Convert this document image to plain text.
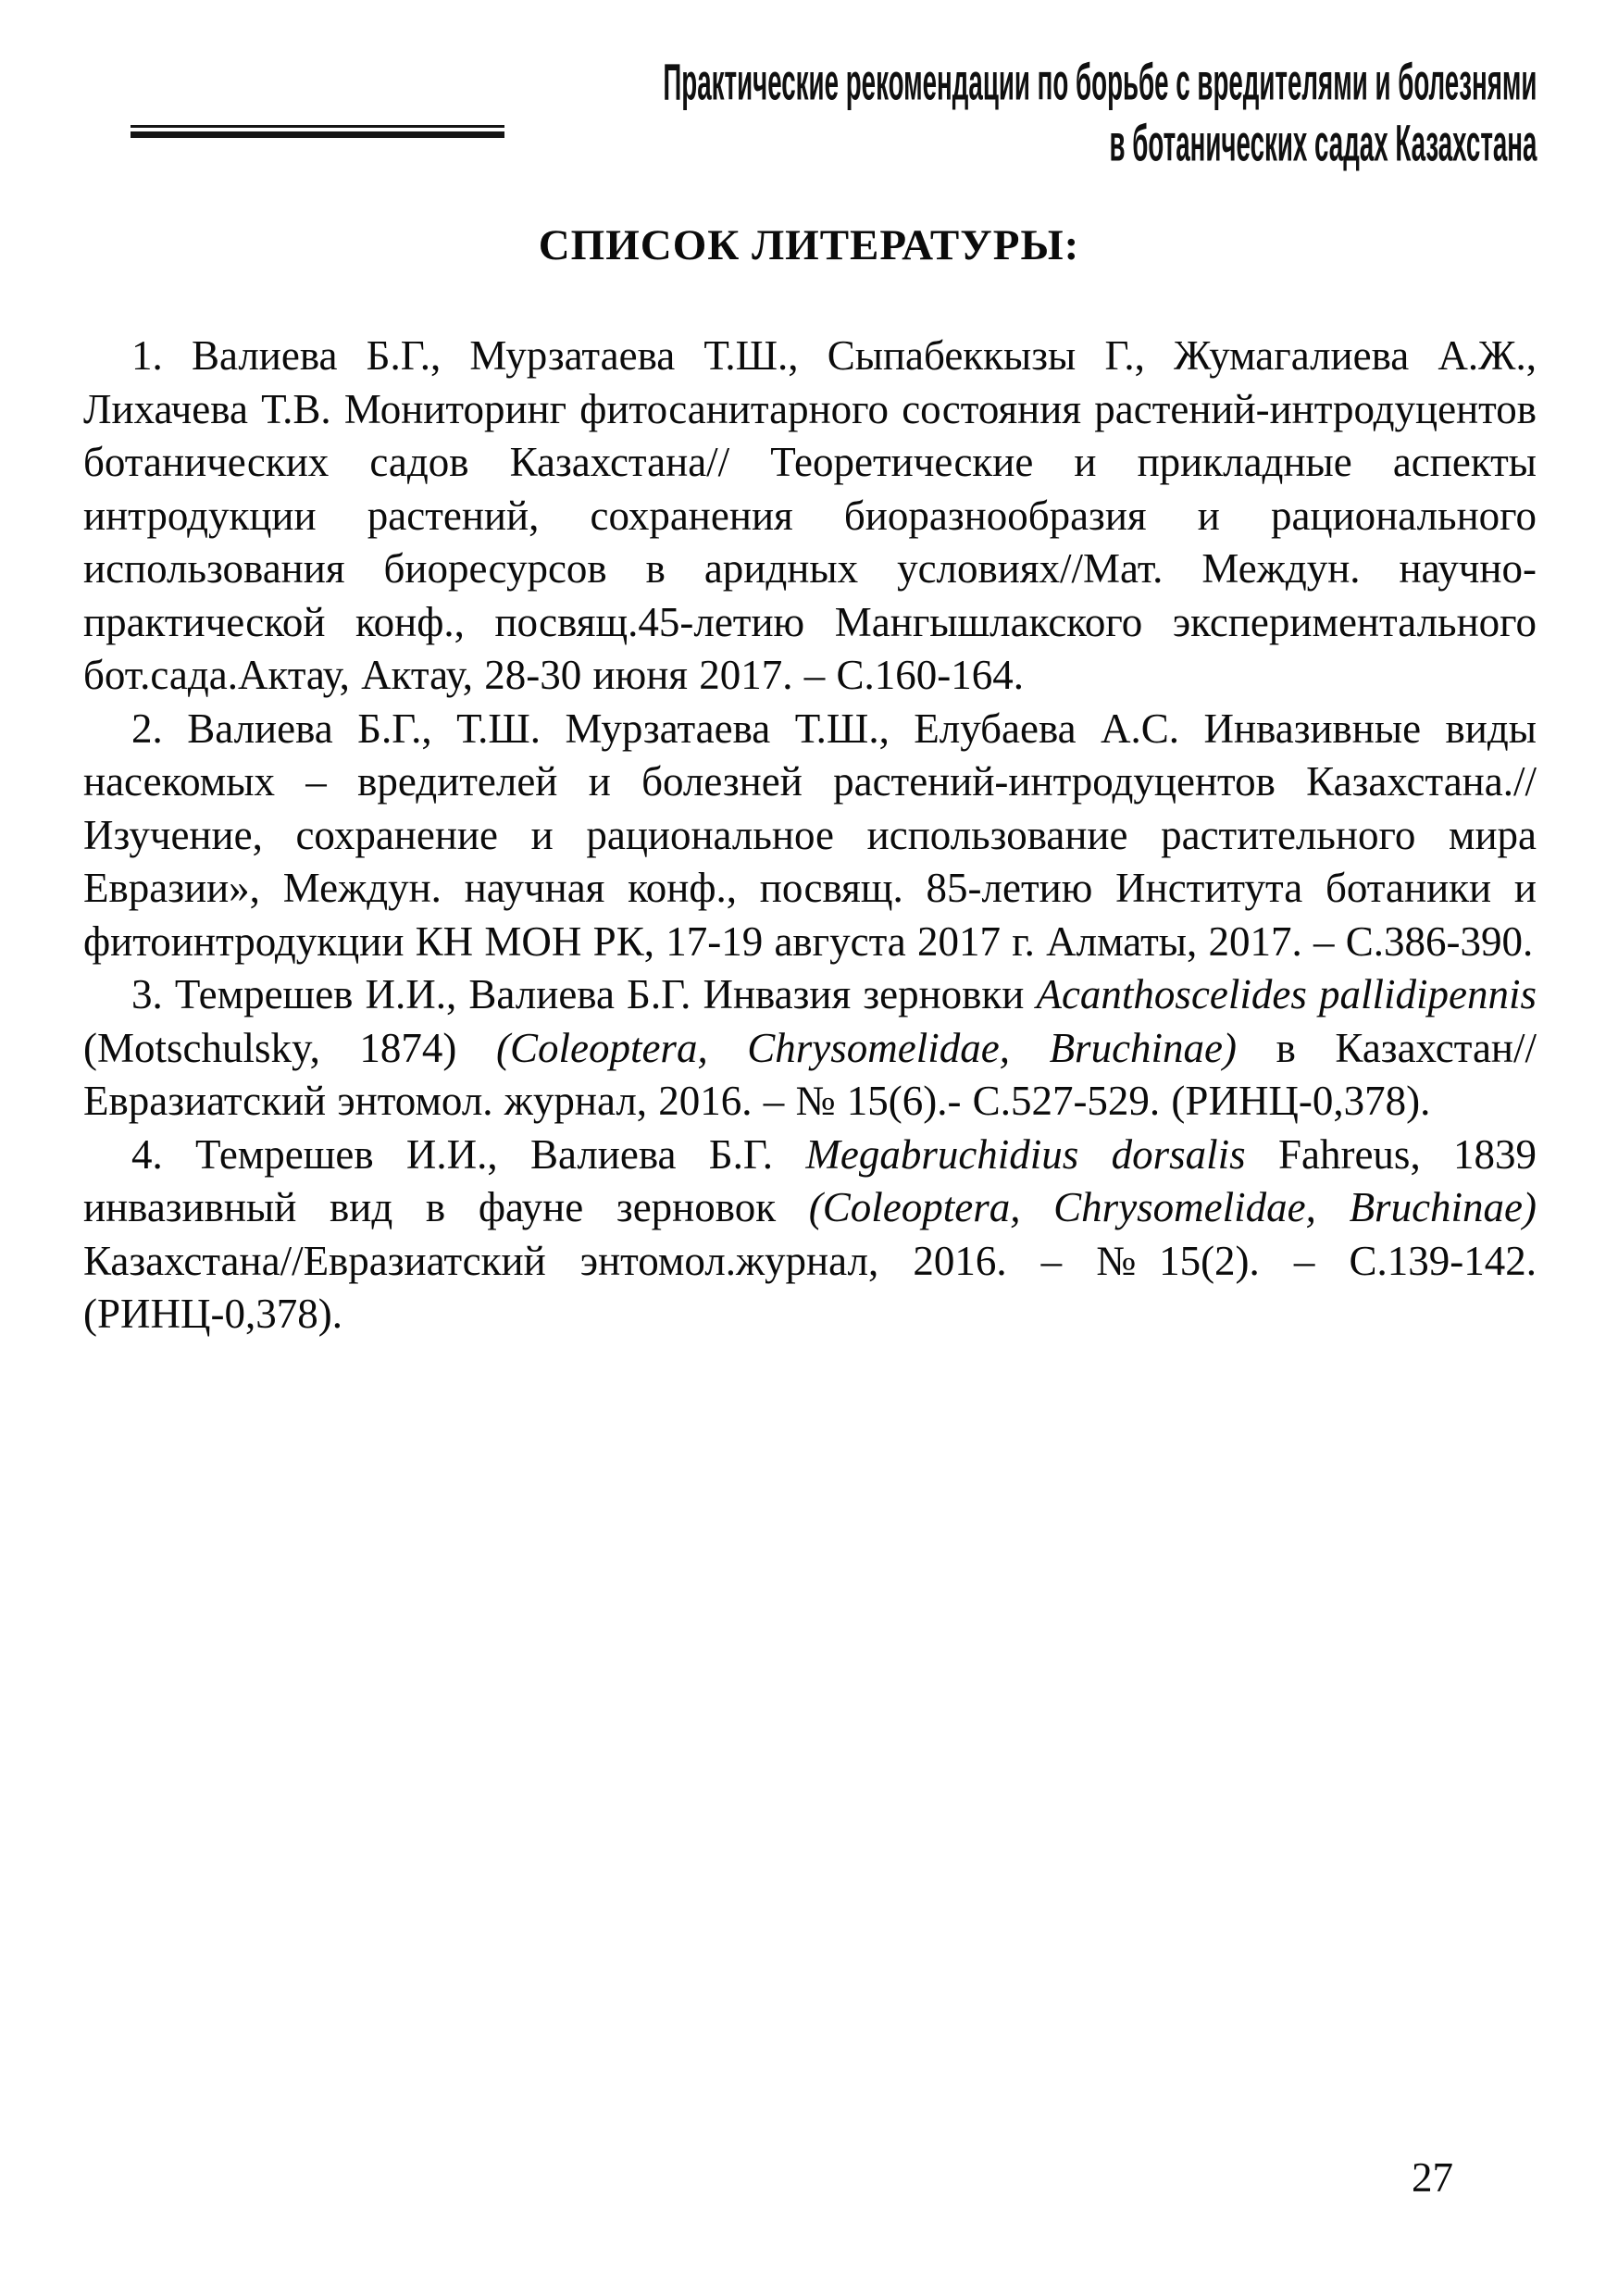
Практические рекомендации по борьбе с вредителями и болезнями
в ботанических садах Казахстана
СПИСОК ЛИТЕРАТУРЫ:

1. Валиева Б.Г., Мурзатаева Т.Ш., Сыпабеккызы Г., Жумагалиева А.Ж., Лихачева Т.В. Мониторинг фитосанитарного состояния растений-интродуцентов ботанических садов Казахстана// Теоретические и прикладные аспекты интродукции растений, сохранения биоразнообразия и рационального использования биоресурсов в аридных условиях//Мат. Междун. научно-практической конф., посвящ.45-летию Мангышлакского экспериментального бот.сада.Актау, Актау, 28-30 июня 2017. – С.160-164.

2. Валиева Б.Г., Т.Ш. Мурзатаева Т.Ш., Елубаева А.С. Инвазивные виды насекомых – вредителей и болезней растений-интродуцентов Казахстана.// Изучение, сохранение и рациональное использование растительного мира Евразии», Междун. научная конф., посвящ. 85-летию Института ботаники и фитоинтродукции КН МОН РК, 17-19 августа 2017 г. Алматы, 2017. – С.386-390.

3. Темрешев И.И., Валиева Б.Г. Инвазия зерновки Acanthoscelides pallidipennis (Motschulsky, 1874) (Coleoptera, Chrysomelidae, Bruchinae) в Казахстан//Евразиатский энтомол. журнал, 2016. – № 15(6).- С.527-529. (РИНЦ-0,378).

4. Темрешев И.И., Валиева Б.Г. Megabruchidius dorsalis Fahreus, 1839 инвазивный вид в фауне зерновок (Coleoptera, Chrysomelidae, Bruchinae) Казахстана//Евразиатский энтомол.журнал, 2016. – №15(2). – С.139-142. (РИНЦ-0,378).

27
